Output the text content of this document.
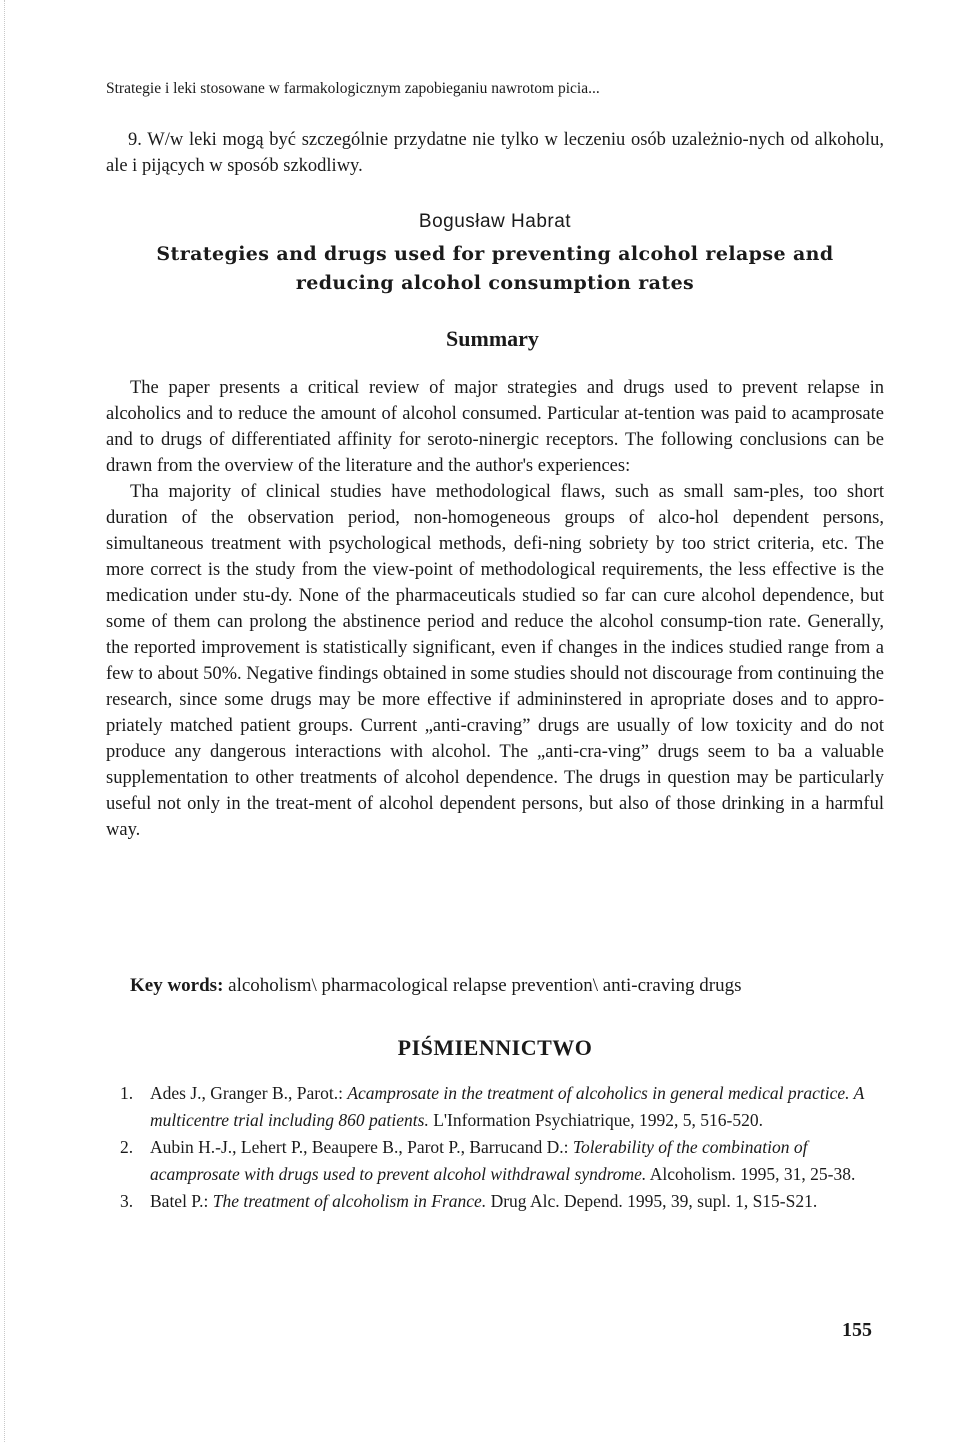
Strategie i leki stosowane w farmakologicznym zapobieganiu nawrotom picia...
9. W/w leki mogą być szczególnie przydatne nie tylko w leczeniu osób uzależnio-nych od alkoholu, ale i pijących w sposób szkodliwy.
Bogusław Habrat
Strategies and drugs used for preventing alcohol relapse and reducing alcohol consumption rates
Summary

The paper presents a critical review of major strategies and drugs used to prevent relapse in alcoholics and to reduce the amount of alcohol consumed. Particular at-tention was paid to acamprosate and to drugs of differentiated affinity for seroto-ninergic receptors. The following conclusions can be drawn from the overview of the literature and the author's experiences:

Tha majority of clinical studies have methodological flaws, such as small sam-ples, too short duration of the observation period, non-homogeneous groups of alco-hol dependent persons, simultaneous treatment with psychological methods, defi-ning sobriety by too strict criteria, etc. The more correct is the study from the view-point of methodological requirements, the less effective is the medication under stu-dy. None of the pharmaceuticals studied so far can cure alcohol dependence, but some of them can prolong the abstinence period and reduce the alcohol consump-tion rate. Generally, the reported improvement is statistically significant, even if changes in the indices studied range from a few to about 50%. Negative findings obtained in some studies should not discourage from continuing the research, since some drugs may be more effective if admininstered in apropriate doses and to appro-priately matched patient groups. Current „anti-craving” drugs are usually of low toxicity and do not produce any dangerous interactions with alcohol. The „anti-cra-ving” drugs seem to ba a valuable supplementation to other treatments of alcohol dependence. The drugs in question may be particularly useful not only in the treat-ment of alcohol dependent persons, but also of those drinking in a harmful way.

Key words: alcoholism\ pharmacological relapse prevention\ anti-craving drugs
PIŚMIENNICTWO
1. Ades J., Granger B., Parot.: Acamprosate in the treatment of alcoholics in general medical practice. A multicentre trial including 860 patients. L'Information Psychiatrique, 1992, 5, 516-520.
2. Aubin H.-J., Lehert P., Beaupere B., Parot P., Barrucand D.: Tolerability of the combination of acamprosate with drugs used to prevent alcohol withdrawal syndrome. Alcoholism. 1995, 31, 25-38.
3. Batel P.: The treatment of alcoholism in France. Drug Alc. Depend. 1995, 39, supl. 1, S15-S21.
155
